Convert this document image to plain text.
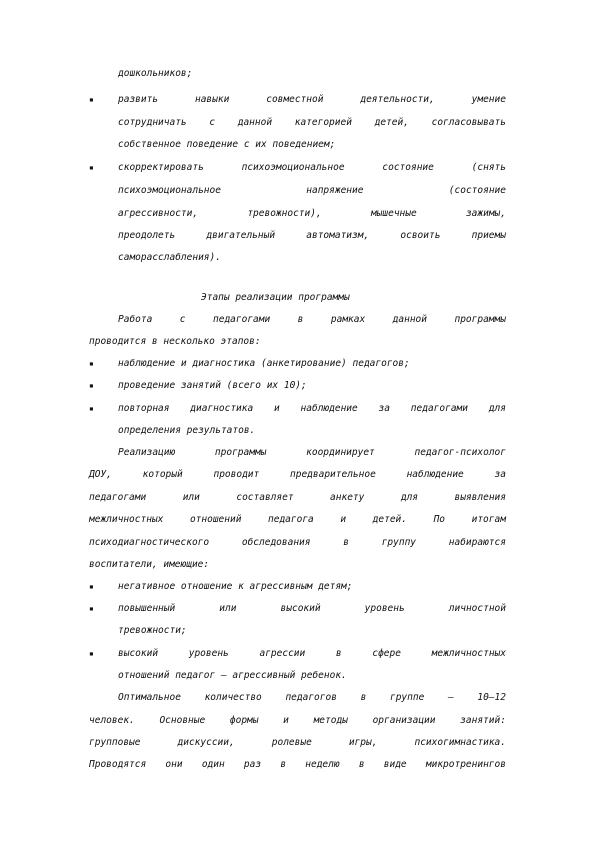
дошкольников;
▪	развить	навыки	совместной	деятельности,	умение
сотрудничать с данной категорией детей, согласовывать
собственное поведение с их поведением;
▪	скорректировать	психоэмоциональное	состояние	(снять
психоэмоциональное	напряжение	(состояние
агрессивности,	тревожности),	мышечные	зажимы,
преодолеть	двигательный	автоматизм,	освоить	приемы
саморасслабления).
Этапы реализации программы
Работа	с	педагогами	в	рамках	данной	программы
проводится в несколько этапов:
▪	наблюдение и диагностика (анкетирование) педагогов;
▪	проведение занятий (всего их 10);
▪	повторная диагностика и наблюдение за педагогами для
определения результатов.
Реализацию	программы	координирует	педагог-психолог
ДОУ,	который	проводит	предварительное	наблюдение	за
педагогами	или	составляет	анкету	для	выявления
межличностных	отношений	педагога	и	детей.	По	итогам
психодиагностического	обследования	в	группу	набираются
воспитатели, имеющие:
▪	негативное отношение к агрессивным детям;
▪	повышенный	или	высокий	уровень	личностной
тревожности;
▪	высокий	уровень	агрессии	в	сфере	межличностных
отношений педагог – агрессивный ребенок.
Оптимальное количество педагогов в группе – 10–12
человек.	Основные	формы	и	методы	организации	занятий:
групповые	дискуссии,	ролевые	игры,	психогимнастика.
Проводятся они один раз в неделю в виде микротренингов
